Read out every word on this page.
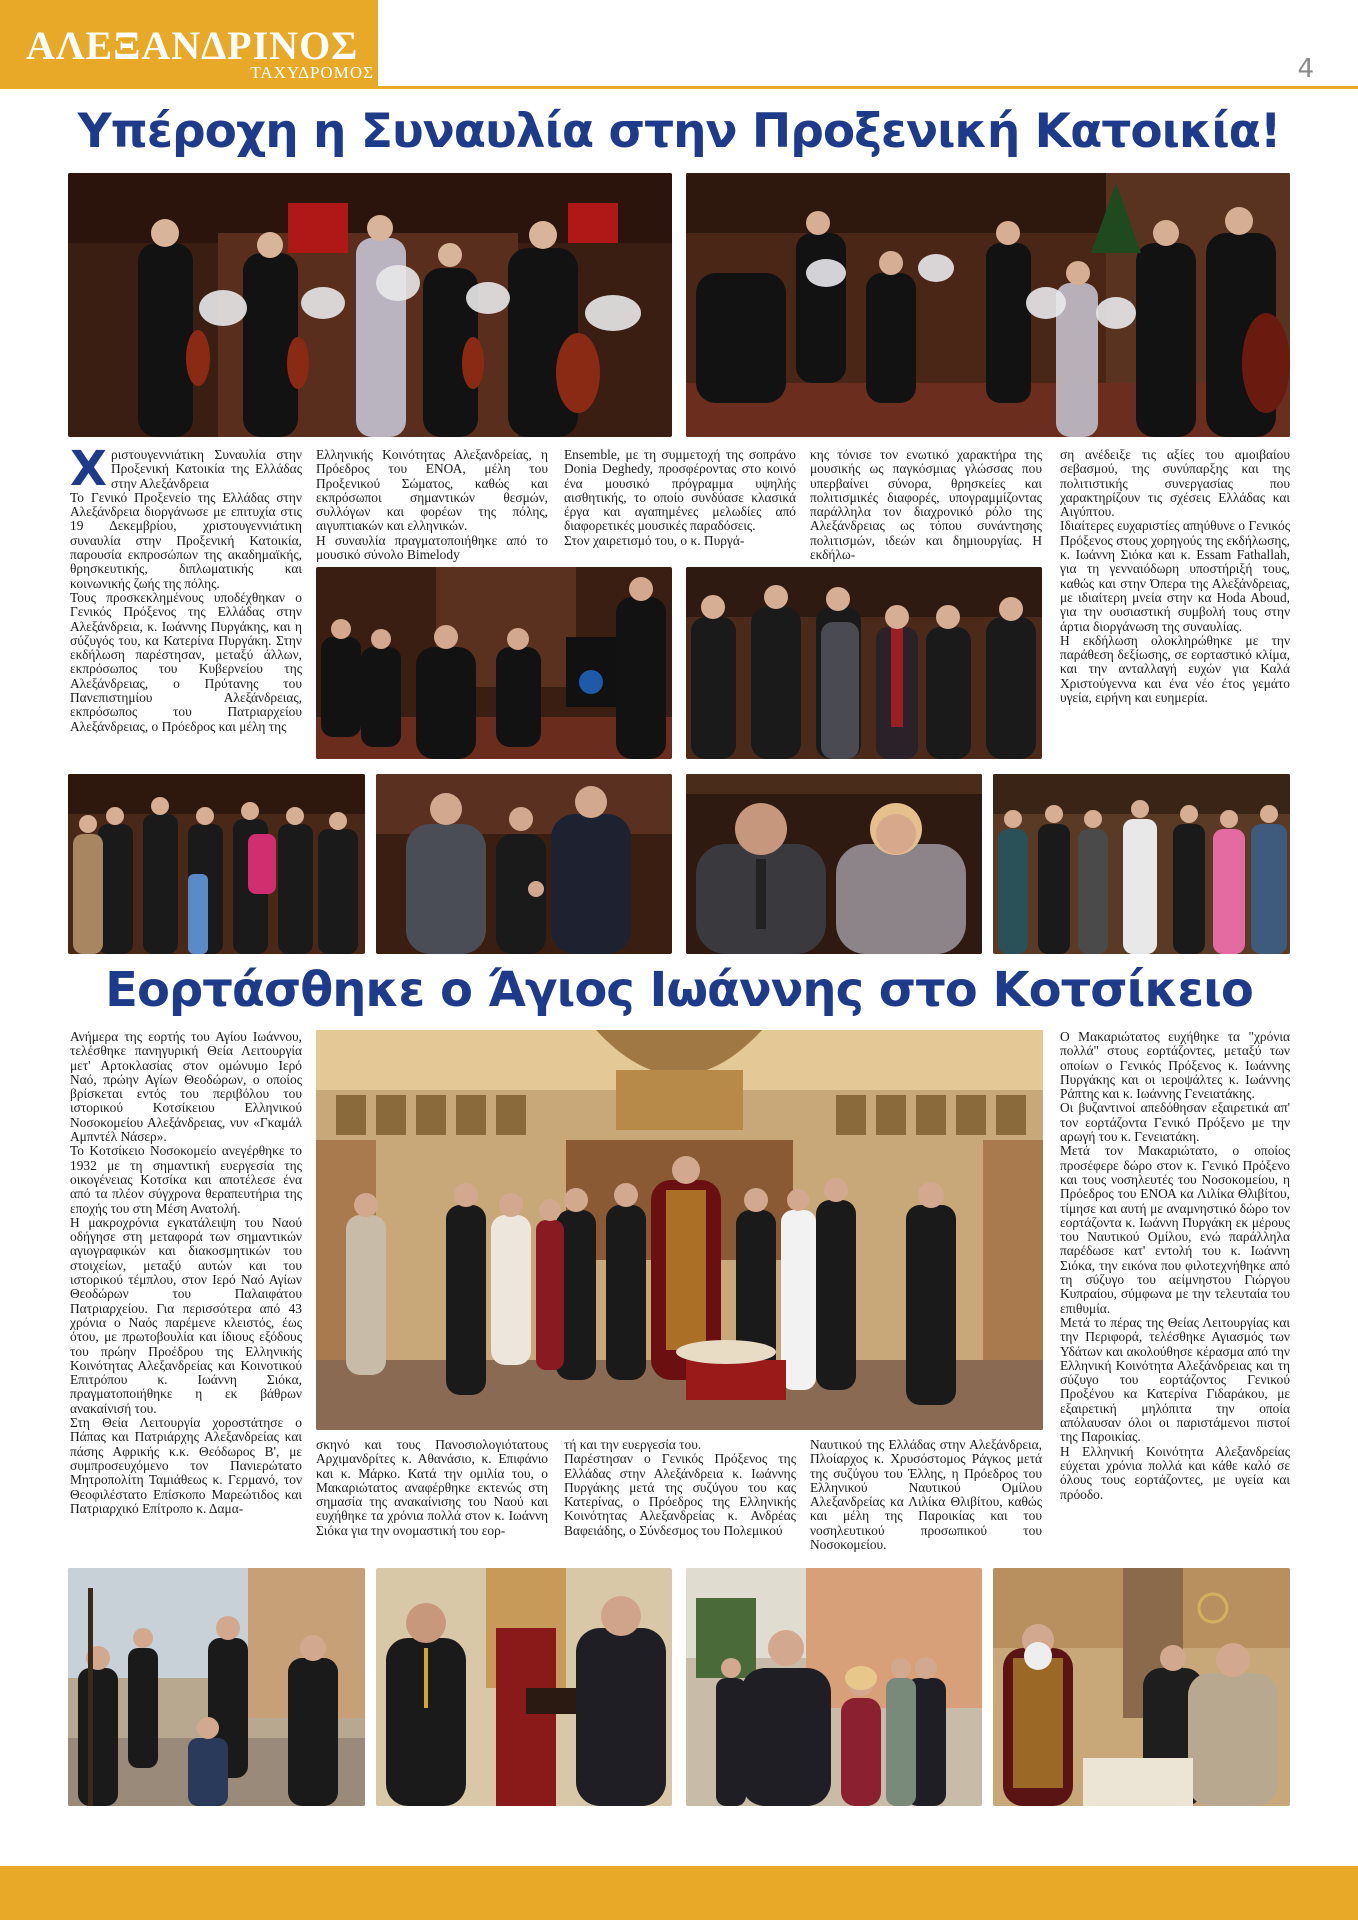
ΑΛΕΞΑΝΔΡΙΝΟΣ
ΤΑΧΥΔΡΟΜΟΣ	4
Υπέροχη η Συναυλία στην Προξενική Κατοικία!
Χ ριστουγεννιάτικη Συναυλία στην Προξενική Κατοικία της Ελλάδας στην Αλεξάνδρεια
Το Γενικό Προξενείο της Ελλάδας στην Αλεξάνδρεια διοργάνωσε με επιτυχία στις 19 Δεκεμβρίου, χριστουγεννιάτικη συναυλία στην Προξενική Κατοικία, παρουσία εκπροσώπων της ακαδημαϊκής, θρησκευτικής, διπλωματικής και κοινωνικής ζωής της πόλης.
Τους προσκεκλημένους υποδέχθηκαν ο Γενικός Πρόξενος της Ελλάδας στην Αλεξάνδρεια, κ. Ιωάννης Πυργάκης, και η σύζυγός του, κα Κατερίνα Πυργάκη. Στην εκδήλωση παρέστησαν, μεταξύ άλλων, εκπρόσωπος του Κυβερνείου της Αλεξάνδρειας, ο Πρύτανης του Πανεπιστημίου Αλεξάνδρειας, εκπρόσωπος του Πατριαρχείου Αλεξάνδρειας, ο Πρόεδρος και μέλη της
Ελληνικής Κοινότητας Αλεξανδρείας, η Πρόεδρος του ΕΝΟΑ, μέλη του Προξενικού Σώματος, καθώς και εκπρόσωποι σημαντικών θεσμών, συλλόγων και φορέων της πόλης, αιγυπτιακών και ελληνικών.
Η συναυλία πραγματοποιήθηκε από το μουσικό σύνολο Bimelody
Ensemble, με τη συμμετοχή της σοπράνο Donia Deghedy, προσφέροντας στο κοινό ένα μουσικό πρόγραμμα υψηλής αισθητικής, το οποίο συνδύασε κλασικά έργα και αγαπημένες μελωδίες από διαφορετικές μουσικές παραδόσεις.
Στον χαιρετισμό του, ο κ. Πυργά-
κης τόνισε τον ενωτικό χαρακτήρα της μουσικής ως παγκόσμιας γλώσσας που υπερβαίνει σύνορα, θρησκείες και πολιτισμικές διαφορές, υπογραμμίζοντας παράλληλα τον διαχρονικό ρόλο της Αλεξάνδρειας ως τόπου συνάντησης πολιτισμών, ιδεών και δημιουργίας. Η εκδήλω-
ση ανέδειξε τις αξίες του αμοιβαίου σεβασμού, της συνύπαρξης και της πολιτιστικής συνεργασίας που χαρακτηρίζουν τις σχέσεις Ελλάδας και Αιγύπτου.
Ιδιαίτερες ευχαριστίες απηύθυνε ο Γενικός Πρόξενος στους χορηγούς της εκδήλωσης, κ. Ιωάννη Σιόκα και κ. Essam Fathallah, για τη γενναιόδωρη υποστήριξή τους, καθώς και στην Όπερα της Αλεξάνδρειας, με ιδιαίτερη μνεία στην κα Hoda Aboud, για την ουσιαστική συμβολή τους στην άρτια διοργάνωση της συναυλίας.
Η εκδήλωση ολοκληρώθηκε με την παράθεση δεξίωσης, σε εορταστικό κλίμα, και την ανταλλαγή ευχών για Καλά Χριστούγεννα και ένα νέο έτος γεμάτο υγεία, ειρήνη και ευημερία.
Εορτάσθηκε ο Άγιος Ιωάννης στο Κοτσίκειο
Ανήμερα της εορτής του Αγίου Ιωάννου, τελέσθηκε πανηγυρική Θεία Λειτουργία μετ' Αρτοκλασίας στον ομώνυμο Ιερό Ναό, πρώην Αγίων Θεοδώρων, ο οποίος βρίσκεται εντός του περιβόλου του ιστορικού Κοτσίκειου Ελληνικού Νοσοκομείου Αλεξάνδρειας, νυν «Γκαμάλ Αμπντέλ Νάσερ».
Το Κοτσίκειο Νοσοκομείο ανεγέρθηκε το 1932 με τη σημαντική ευεργεσία της οικογένειας Κοτσίκα και αποτέλεσε ένα από τα πλέον σύγχρονα θεραπευτήρια της εποχής του στη Μέση Ανατολή.
Η μακροχρόνια εγκατάλειψη του Ναού οδήγησε στη μεταφορά των σημαντικών αγιογραφικών και διακοσμητικών του στοιχείων, μεταξύ αυτών και του ιστορικού τέμπλου, στον Ιερό Ναό Αγίων Θεοδώρων του Παλαιφάτου Πατριαρχείου. Για περισσότερα από 43 χρόνια ο Ναός παρέμενε κλειστός, έως ότου, με πρωτοβουλία και ίδιους εξόδους του πρώην Προέδρου της Ελληνικής Κοινότητας Αλεξανδρείας και Κοινοτικού Επιτρόπου κ. Ιωάννη Σιόκα, πραγματοποιήθηκε η εκ βάθρων ανακαίνισή του.
Στη Θεία Λειτουργία χοροστάτησε ο Πάπας και Πατριάρχης Αλεξανδρείας και πάσης Αφρικής κ.κ. Θεόδωρος Β', με συμπροσευχόμενο τον Πανιερώτατο Μητροπολίτη Ταμιάθεως κ. Γερμανό, τον Θεοφιλέστατο Επίσκοπο Μαρεώτιδος και Πατριαρχικό Επίτροπο κ. Δαμα-
σκηνό και τους Πανοσιολογιότατους Αρχιμανδρίτες κ. Αθανάσιο, κ. Επιφάνιο και κ. Μάρκο. Κατά την ομιλία του, ο Μακαριώτατος αναφέρθηκε εκτενώς στη σημασία της ανακαίνισης του Ναού και ευχήθηκε τα χρόνια πολλά στον κ. Ιωάννη Σιόκα για την ονομαστική του εορ-
τή και την ευεργεσία του.
Παρέστησαν ο Γενικός Πρόξενος της Ελλάδας στην Αλεξάνδρεια κ. Ιωάννης Πυργάκης μετά της συζύγου του κας Κατερίνας, ο Πρόεδρος της Ελληνικής Κοινότητας Αλεξανδρείας κ. Ανδρέας Βαφειάδης, ο Σύνδεσμος του Πολεμικού
Ναυτικού της Ελλάδας στην Αλεξάνδρεια, Πλοίαρχος κ. Χρυσόστομος Ράγκος μετά της συζύγου του Έλλης, η Πρόεδρος του Ελληνικού Ναυτικού Ομίλου Αλεξανδρείας κα Λιλίκα Θλιβίτου, καθώς και μέλη της Παροικίας και του νοσηλευτικού προσωπικού του Νοσοκομείου.
Ο Μακαριώτατος ευχήθηκε τα "χρόνια πολλά" στους εορτάζοντες, μεταξύ των οποίων ο Γενικός Πρόξενος κ. Ιωάννης Πυργάκης και οι ιεροψάλτες κ. Ιωάννης Ράπτης και κ. Ιωάννης Γενειατάκης.
Οι βυζαντινοί απεδόθησαν εξαιρετικά απ' τον εορτάζοντα Γενικό Πρόξενο με την αρωγή του κ. Γενειατάκη.
Μετά τον Μακαριώτατο, ο οποίος προσέφερε δώρο στον κ. Γενικό Πρόξενο και τους νοσηλευτές του Νοσοκομείου, η Πρόεδρος του ΕΝΟΑ κα Λιλίκα Θλιβίτου, τίμησε και αυτή με αναμνηστικό δώρο τον εορτάζοντα κ. Ιωάννη Πυργάκη εκ μέρους του Ναυτικού Ομίλου, ενώ παράλληλα παρέδωσε κατ' εντολή του κ. Ιωάννη Σιόκα, την εικόνα που φιλοτεχνήθηκε από τη σύζυγο του αείμνηστου Γιώργου Κυπραίου, σύμφωνα με την τελευταία του επιθυμία.
Μετά το πέρας της Θείας Λειτουργίας και την Περιφορά, τελέσθηκε Αγιασμός των Υδάτων και ακολούθησε κέρασμα από την Ελληνική Κοινότητα Αλεξάνδρειας και τη σύζυγο του εορτάζοντος Γενικού Προξένου κα Κατερίνα Γιδαράκου, με εξαιρετική μηλόπιτα την οποία απόλαυσαν όλοι οι παριστάμενοι πιστοί της Παροικίας.
Η Ελληνική Κοινότητα Αλεξανδρείας εύχεται χρόνια πολλά και κάθε καλό σε όλους τους εορτάζοντες, με υγεία και πρόοδο.
